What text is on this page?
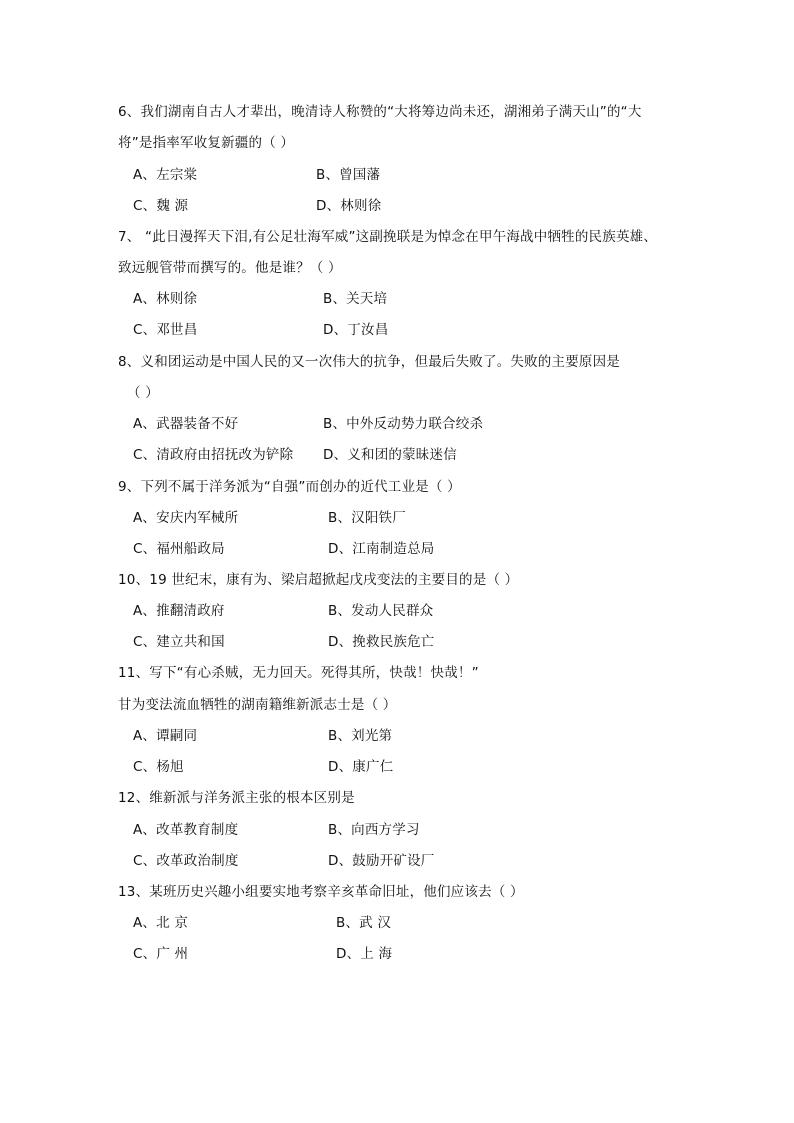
6、我们湖南自古人才辈出，晚清诗人称赞的“大将筹边尚未还，湖湘弟子满天山”的“大
将”是指率军收复新疆的（ ）
A、左宗棠	B、曾国藩
C、魏 源	D、林则徐
7、 “此日漫挥天下泪,有公足壮海军威”这副挽联是为悼念在甲午海战中牺牲的民族英雄、
致远舰管带而撰写的。他是谁？（ ）
A、林则徐	B、关天培
C、邓世昌	D、丁汝昌
8、义和团运动是中国人民的又一次伟大的抗争，但最后失败了。失败的主要原因是
（ ）
A、武器装备不好	B、中外反动势力联合绞杀
C、清政府由招抚改为铲除 D、义和团的蒙昧迷信
9、下列不属于洋务派为“自强”而创办的近代工业是（ ）
A、安庆内军械所	B、汉阳铁厂
C、福州船政局	D、江南制造总局
10、19 世纪末，康有为、梁启超掀起戊戌变法的主要目的是（ ）
A、推翻清政府	B、发动人民群众
C、建立共和国	D、挽救民族危亡
11、写下“有心杀贼，无力回天。死得其所，快哉！快哉！”
甘为变法流血牺牲的湖南籍维新派志士是（ ）
A、谭嗣同	B、刘光第
C、杨旭	D、康广仁
12、维新派与洋务派主张的根本区别是
A、改革教育制度	B、向西方学习
C、改革政治制度	D、鼓励开矿设厂
13、某班历史兴趣小组要实地考察辛亥革命旧址，他们应该去（ ）
A、北 京	B、武 汉
C、广 州	D、上 海
